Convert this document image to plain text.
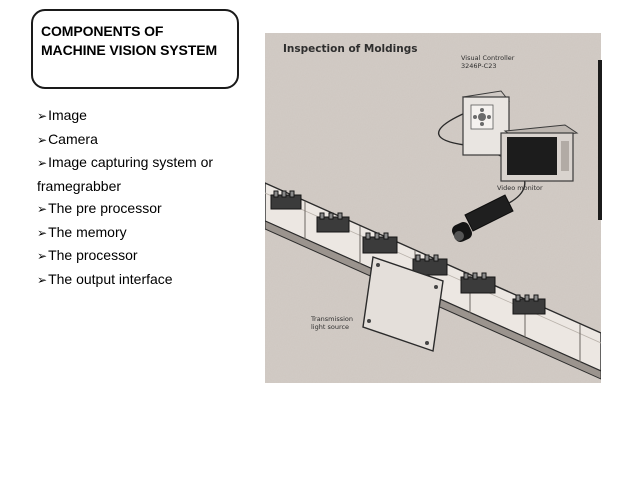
COMPONENTS OF
MACHINE VISION SYSTEM

➢Image
➢Camera
➢Image capturing system or framegrabber
➢The pre processor
➢The memory
➢The processor
➢The output interface
Inspection of Moldings
Transmission
light source
Visual Controller
3246P-C23
Video monitor
